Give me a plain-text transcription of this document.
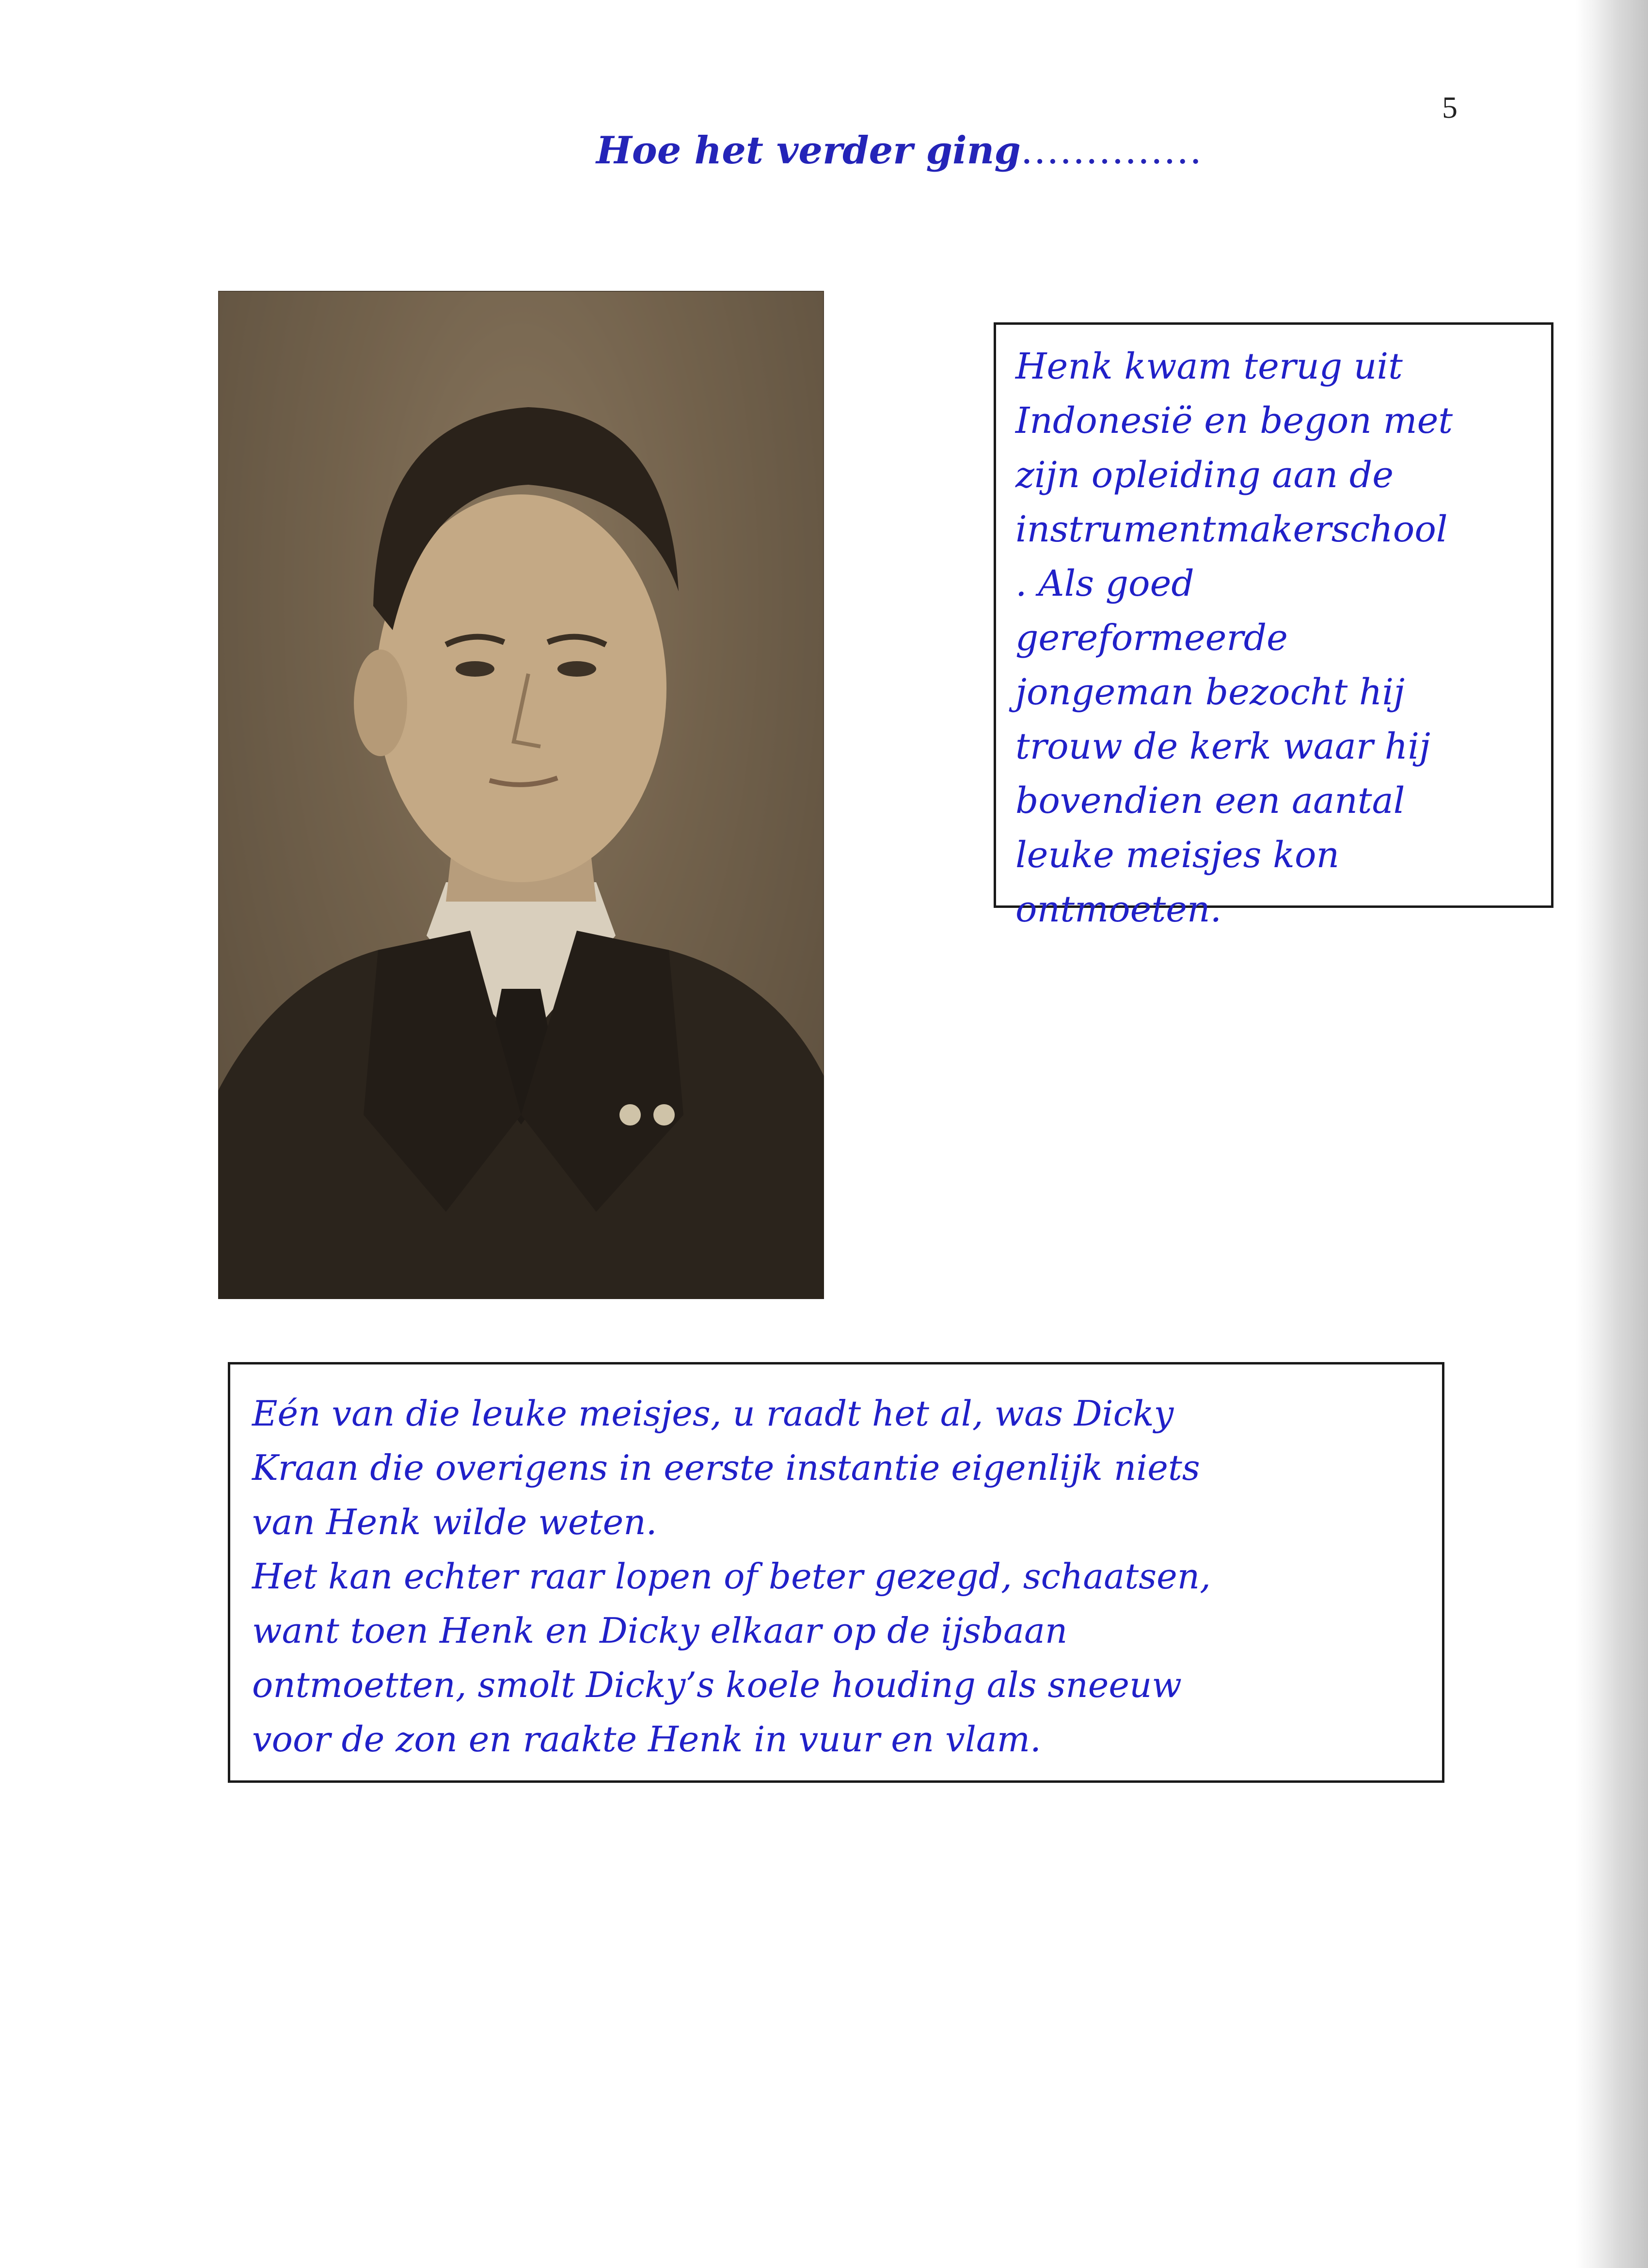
5
Hoe het verder ging..............
Henk kwam terug uit
Indonesië en begon met
zijn opleiding aan de
instrumentmakerschool
. Als goed
gereformeerde
jongeman bezocht hij
trouw de kerk waar hij
bovendien een aantal
leuke meisjes kon
ontmoeten.
Eén van die leuke meisjes, u raadt het al, was Dicky
Kraan die overigens in eerste instantie eigenlijk niets
van Henk wilde weten.
Het kan echter raar lopen of beter gezegd, schaatsen,
want toen Henk en Dicky elkaar op de ijsbaan
ontmoetten, smolt Dicky’s koele houding als sneeuw
voor de zon en raakte Henk in vuur en vlam.
